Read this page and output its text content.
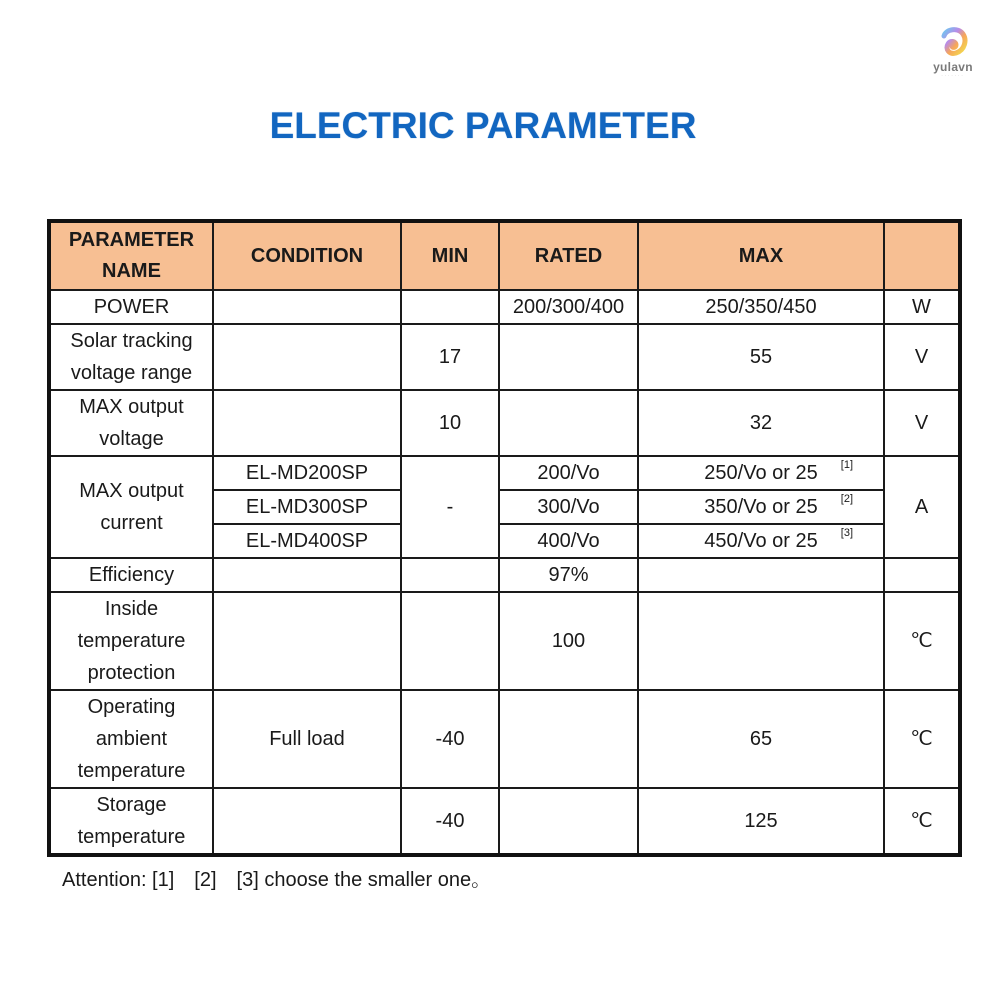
yulavn
·······
ELECTRIC PARAMETER
PARAMETER NAME	CONDITION	MIN	RATED	MAX	
POWER			200/300/400	250/350/450	W
Solar tracking voltage range		17		55	V
MAX output voltage		10		32	V
MAX output current	EL-MD200SP	-	200/Vo	250/Vo or 25 [1]	A
	EL-MD300SP		300/Vo	350/Vo or 25 [2]	

	EL-MD400SP		400/Vo	450/Vo or 25 [3]	

Efficiency			97%		
Inside temperature protection			100		℃
Operating ambient temperature	Full load	-40		65	℃
Storage temperature		-40		125	℃
Attention: [1] [2] [3] choose the smaller one。
